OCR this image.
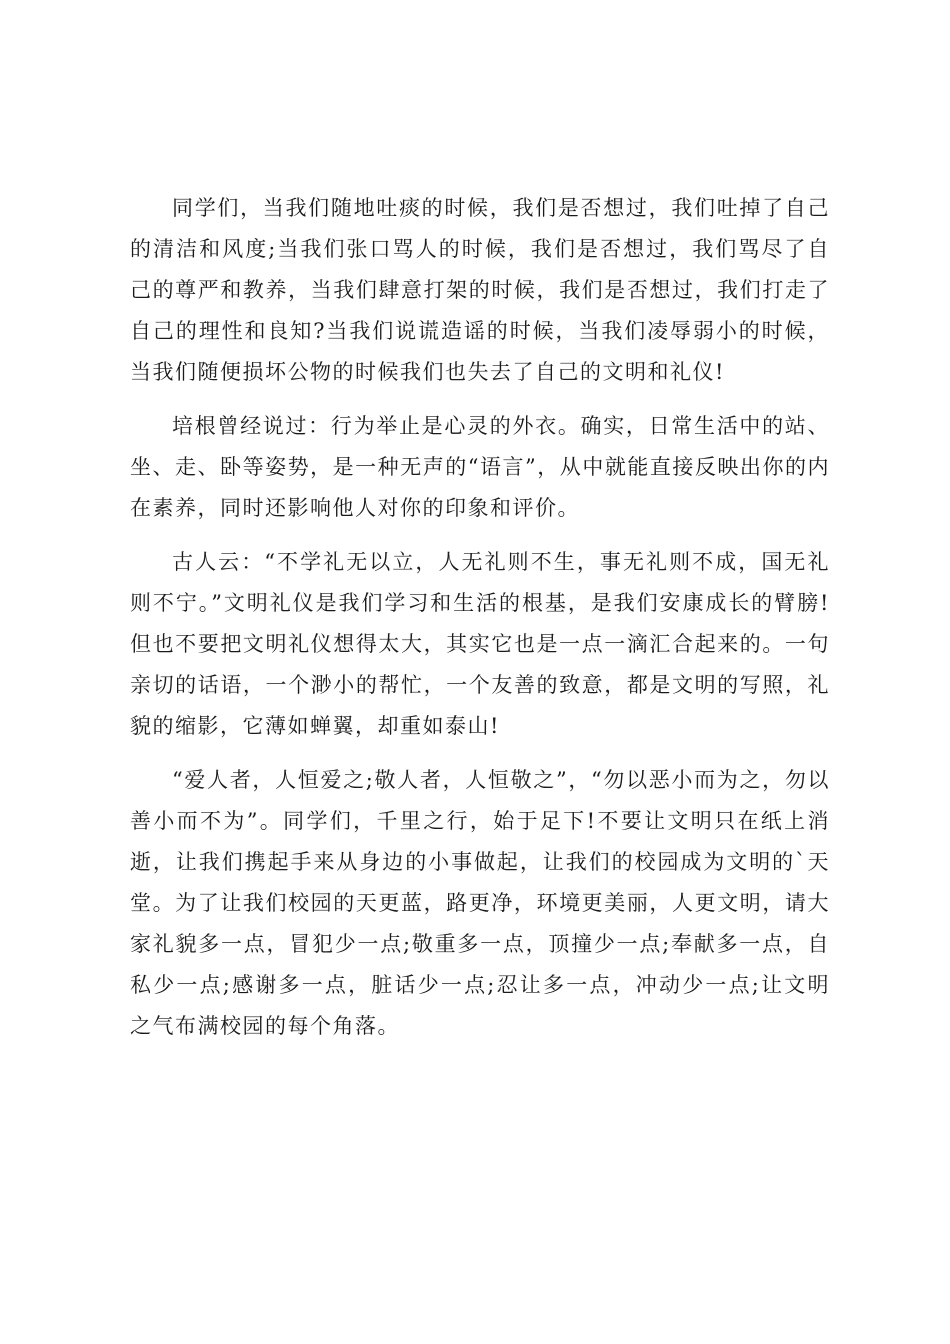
同学们，当我们随地吐痰的时候，我们是否想过，我们吐掉了自己的清洁和风度;当我们张口骂人的时候，我们是否想过，我们骂尽了自己的尊严和教养，当我们肆意打架的时候，我们是否想过，我们打走了自己的理性和良知?当我们说谎造谣的时候，当我们凌辱弱小的时候，当我们随便损坏公物的时候我们也失去了自己的文明和礼仪!

培根曾经说过：行为举止是心灵的外衣。确实，日常生活中的站、坐、走、卧等姿势，是一种无声的“语言”，从中就能直接反映出你的内在素养，同时还影响他人对你的印象和评价。

古人云：“不学礼无以立，人无礼则不生，事无礼则不成，国无礼则不宁。”文明礼仪是我们学习和生活的根基，是我们安康成长的臂膀!但也不要把文明礼仪想得太大，其实它也是一点一滴汇合起来的。一句亲切的话语，一个渺小的帮忙，一个友善的致意，都是文明的写照，礼貌的缩影，它薄如蝉翼，却重如泰山!

“爱人者，人恒爱之;敬人者，人恒敬之”，“勿以恶小而为之，勿以善小而不为”。同学们，千里之行，始于足下!不要让文明只在纸上消逝，让我们携起手来从身边的小事做起，让我们的校园成为文明的`天堂。为了让我们校园的天更蓝，路更净，环境更美丽，人更文明，请大家礼貌多一点，冒犯少一点;敬重多一点，顶撞少一点;奉献多一点，自私少一点;感谢多一点，脏话少一点;忍让多一点，冲动少一点;让文明之气布满校园的每个角落。
